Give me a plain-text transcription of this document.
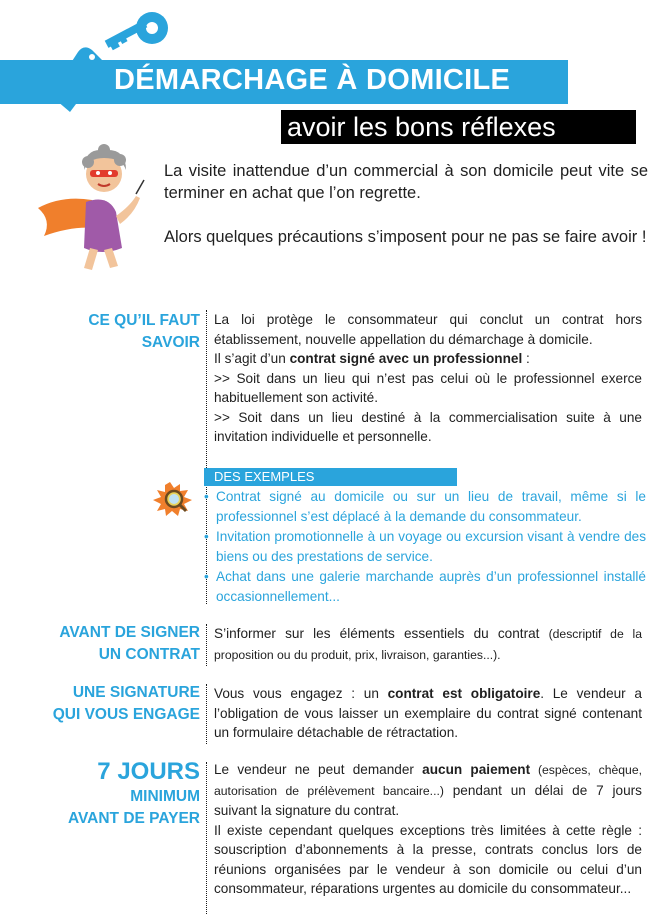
DÉMARCHAGE À DOMICILE
avoir les bons réflexes

La visite inattendue d’un commercial à son domicile peut vite se terminer en achat que l’on regrette.

Alors quelques précautions s’imposent pour ne pas se faire avoir !

CE QU’IL FAUT
SAVOIR
La loi protège le consommateur qui conclut un contrat hors établissement, nouvelle appellation du démarchage à domicile.
Il s’agit d’un contrat signé avec un professionnel :
>> Soit dans un lieu qui n’est pas celui où le professionnel exerce habituellement son activité.
>> Soit dans un lieu destiné à la commercialisation suite à une invitation individuelle et personnelle.
DES EXEMPLES
• Contrat signé au domicile ou sur un lieu de travail, même si le professionnel s’est déplacé à la demande du consommateur.
• Invitation promotionnelle à un voyage ou excursion visant à vendre des biens ou des prestations de service.
• Achat dans une galerie marchande auprès d’un professionnel installé occasionnellement...
AVANT DE SIGNER
UN CONTRAT
S’informer sur les éléments essentiels du contrat (descriptif de la proposition ou du produit, prix, livraison, garanties...).
UNE SIGNATURE
QUI VOUS ENGAGE
Vous vous engagez : un contrat est obligatoire. Le vendeur a l’obligation de vous laisser un exemplaire du contrat signé contenant un formulaire détachable de rétractation.
7 JOURS
MINIMUM
AVANT DE PAYER
Le vendeur ne peut demander aucun paiement (espèces, chèque, autorisation de prélèvement bancaire...) pendant un délai de 7 jours suivant la signature du contrat.
Il existe cependant quelques exceptions très limitées à cette règle : souscription d’abonnements à la presse, contrats conclus lors de réunions organisées par le vendeur à son domicile ou celui d’un consommateur, réparations urgentes au domicile du consommateur...
